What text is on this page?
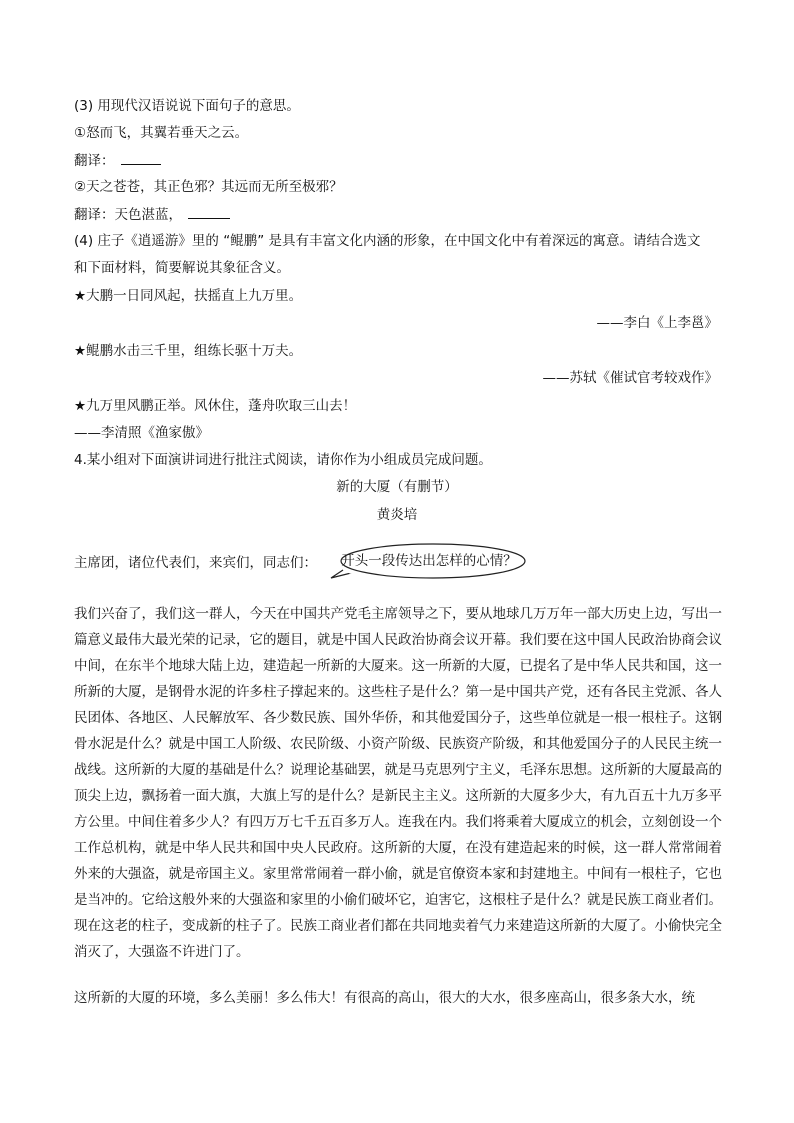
(3) 用现代汉语说说下面句子的意思。
①怒而飞，其翼若垂天之云。
翻译：
②天之苍苍，其正色邪？其远而无所至极邪？
翻译：天色湛蓝，
(4) 庄子《逍遥游》里的 “鲲鹏” 是具有丰富文化内涵的形象，在中国文化中有着深远的寓意。请结合选文
和下面材料，简要解说其象征含义。
★大鹏一日同风起，扶摇直上九万里。
——李白《上李邕》
★鲲鹏水击三千里，组练长驱十万夫。
——苏轼《催试官考较戏作》
★九万里风鹏正举。风休住，蓬舟吹取三山去！
——李清照《渔家傲》
4.某小组对下面演讲词进行批注式阅读，请你作为小组成员完成问题。
新的大厦（有删节）
黄炎培
主席团，诸位代表们，来宾们，同志们：	开头一段传达出怎样的心情？
我们兴奋了，我们这一群人，今天在中国共产党毛主席领导之下，要从地球几万万年一部大历史上边，写出一篇意义最伟大最光荣的记录，它的题目，就是中国人民政治协商会议开幕。我们要在这中国人民政治协商会议中间，在东半个地球大陆上边，建造起一所新的大厦来。这一所新的大厦，已提名了是中华人民共和国，这一所新的大厦，是钢骨水泥的许多柱子撑起来的。这些柱子是什么？第一是中国共产党，还有各民主党派、各人民团体、各地区、人民解放军、各少数民族、国外华侨，和其他爱国分子，这些单位就是一根一根柱子。这钢骨水泥是什么？就是中国工人阶级、农民阶级、小资产阶级、民族资产阶级，和其他爱国分子的人民民主统一战线。这所新的大厦的基础是什么？说理论基础罢，就是马克思列宁主义，毛泽东思想。这所新的大厦最高的顶尖上边，飘扬着一面大旗，大旗上写的是什么？是新民主主义。这所新的大厦多少大，有九百五十九万多平方公里。中间住着多少人？有四万万七千五百多万人。连我在内。我们将乘着大厦成立的机会，立刻创设一个工作总机构，就是中华人民共和国中央人民政府。这所新的大厦，在没有建造起来的时候，这一群人常常闹着外来的大强盗，就是帝国主义。家里常常闹着一群小偷，就是官僚资本家和封建地主。中间有一根柱子，它也是当冲的。它给这般外来的大强盗和家里的小偷们破坏它，迫害它，这根柱子是什么？就是民族工商业者们。现在这老的柱子，变成新的柱子了。民族工商业者们都在共同地卖着气力来建造这所新的大厦了。小偷快完全消灭了，大强盗不许进门了。
这所新的大厦的环境，多么美丽！多么伟大！有很高的高山，很大的大水，很多座高山，很多条大水，统
